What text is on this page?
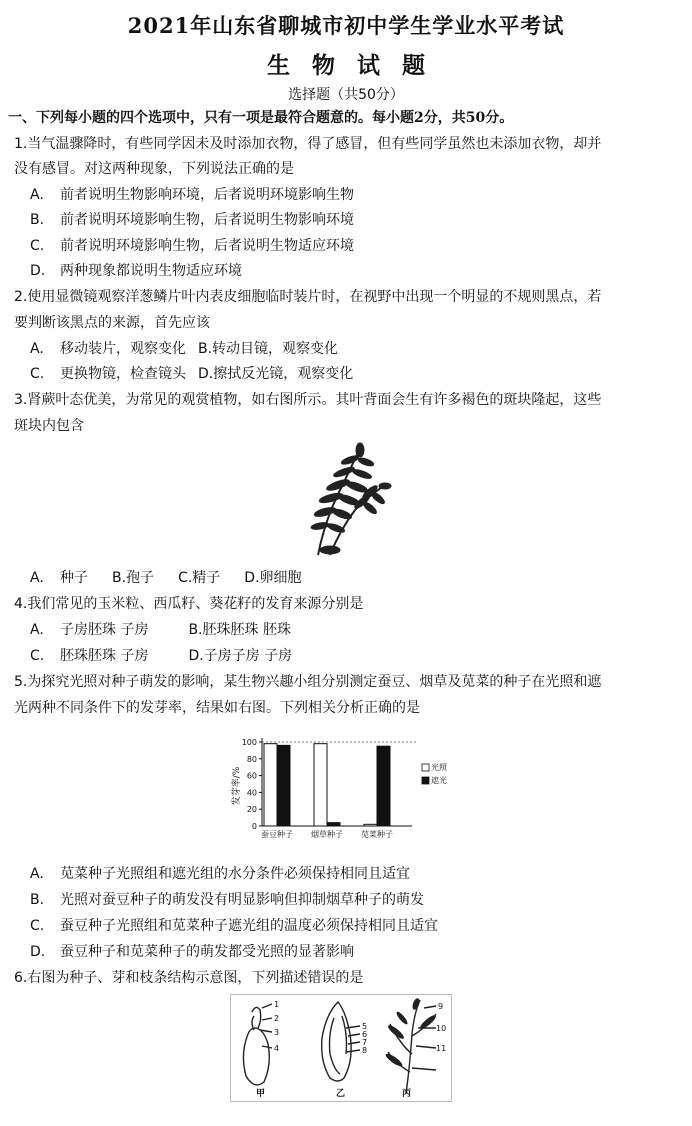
2021年山东省聊城市初中学生学业水平考试
生物试题
选择题（共50分）
一、下列每小题的四个选项中，只有一项是最符合题意的。每小题2分，共50分。
1.当气温骤降时，有些同学因未及时添加衣物，得了感冒，但有些同学虽然也未添加衣物，却并
没有感冒。对这两种现象，下列说法正确的是
A. 前者说明生物影响环境，后者说明环境影响生物
B. 前者说明环境影响生物，后者说明生物影响环境
C. 前者说明环境影响生物，后者说明生物适应环境
D. 两种现象都说明生物适应环境
2.使用显微镜观察洋葱鳞片叶内表皮细胞临时装片时，在视野中出现一个明显的不规则黑点，若
要判断该黑点的来源，首先应该
A. 移动装片，观察变化 B.转动目镜，观察变化
C. 更换物镜，检查镜头 D.擦拭反光镜，观察变化
3.肾蕨叶态优美，为常见的观赏植物，如右图所示。其叶背面会生有许多褐色的斑块隆起，这些
斑块内包含
A. 种子 B.孢子 C.精子 D.卵细胞
4.我们常见的玉米粒、西瓜籽、葵花籽的发育来源分别是
A. 子房胚珠 子房	B.胚珠胚珠 胚珠
C. 胚珠胚珠 子房	D.子房子房 子房
5.为探究光照对种子萌发的影响，某生物兴趣小组分别测定蚕豆、烟草及苋菜的种子在光照和遮
光两种不同条件下的发芽率，结果如右图。下列相关分析正确的是
发芽率/%
0
20
40
60
80
100
蚕豆种子 烟草种子 苋菜种子
光照
遮光
A. 苋菜种子光照组和遮光组的水分条件必须保持相同且适宜
B. 光照对蚕豆种子的萌发没有明显影响但抑制烟草种子的萌发
C. 蚕豆种子光照组和苋菜种子遮光组的温度必须保持相同且适宜
D. 蚕豆种子和苋菜种子的萌发都受光照的显著影响
6.右图为种子、芽和枝条结构示意图，下列描述错误的是
1
2
3
4
5
6
7
8
9
10
11
甲	乙	丙
